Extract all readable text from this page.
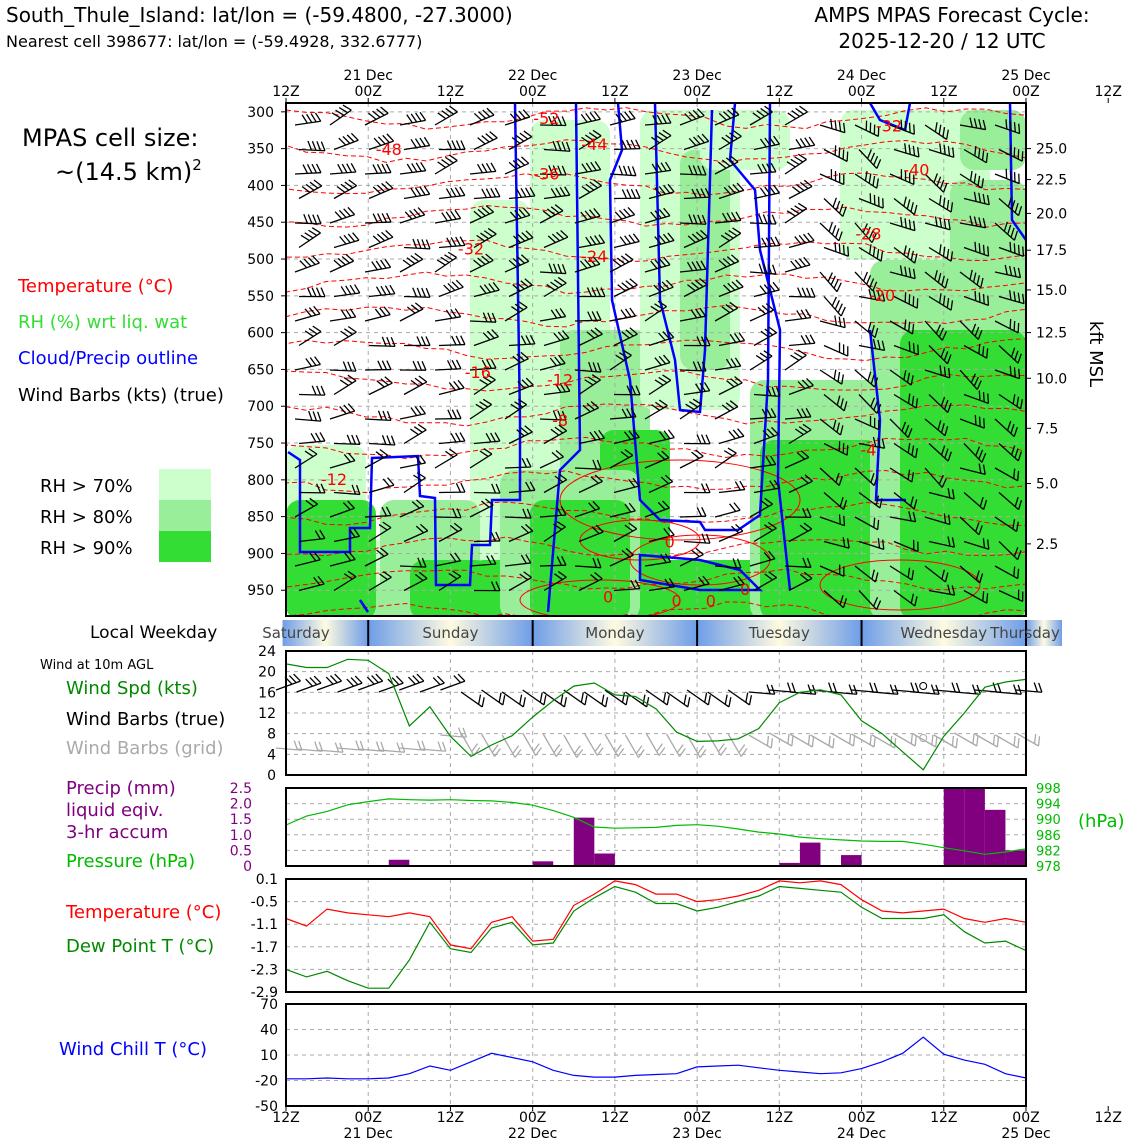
South_Thule_Island: lat/lon = (-59.4800, -27.3000)
Nearest cell 398677: lat/lon = (-59.4928, 332.6777)
AMPS MPAS Forecast Cycle:
2025-12-20 / 12 UTC
MPAS cell size:
~(14.5 km)$^2$
Temperature (°C)
RH (%) wrt liq. wat
Cloud/Precip outline
Wind Barbs (kts) (true)
RH > 70%
RH > 80%
RH > 90%
-52
-48	-44
-36
-32
-40
-28
-32	-24
-20
-16	-12
-8
-4
-12
0
0	0 0
0
300
350
400
450
500
550
600
650
700
750
800
850
900
950
25.0
22.5
20.0
17.5
15.0
12.5
10.0
7.5
5.0
2.5
12Z	00Z
21 Dec
12Z	00Z
22 Dec
12Z	00Z
23 Dec
12Z	00Z
24 Dec
12Z	00Z
25 Dec
12Z
kft MSL
Local Weekday	Saturday	Sunday	Monday	Tuesday	Wednesday Thursday
Wind at 10m AGL
Wind Spd (kts)
Wind Barbs (true)
Wind Barbs (grid)
Precip (mm)
liquid eqiv.
3-hr accum
Pressure (hPa)
(hPa)
Temperature (°C)
Dew Point T (°C)
Wind Chill T (°C)
0
4
8
12
16
20
24
0
0.5
1.0
1.5
2.0
2.5
978
982
986
990
994
998
0.1
-0.5
-1.1
-1.7
-2.3
-2.9
-50
-20
10
40
70
12Z	00Z
21 Dec
12Z	00Z
22 Dec
12Z	00Z
23 Dec
12Z	00Z
24 Dec
12Z	00Z
25 Dec
12Z
